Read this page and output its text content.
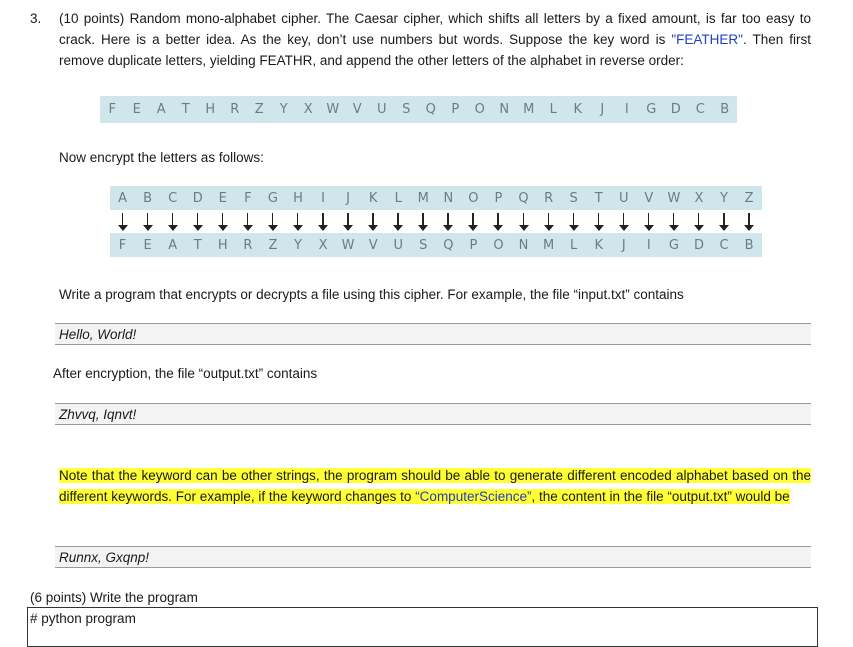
3. (10 points) Random mono-alphabet cipher. The Caesar cipher, which shifts all letters by a fixed amount, is far too easy to crack. Here is a better idea. As the key, don’t use numbers but words. Suppose the key word is "FEATHER". Then first remove duplicate letters, yielding FEATHR, and append the other letters of the alphabet in reverse order:
F	E	A	T	H	R	Z	Y	X	W	V	U	S	Q	P	O	N	M	L	K	J	I	G	D	C	B
Now encrypt the letters as follows:
A	B	C	D	E	F	G	H	I	J	K	L	M	N	O	P	Q	R	S	T	U	V	W	X	Y	Z
F	E	A	T	H	R	Z	Y	X	W	V	U	S	Q	P	O	N	M	L	K	J	I	G	D	C	B
Write a program that encrypts or decrypts a file using this cipher. For example, the file “input.txt” contains
Hello, World!
After encryption, the file “output.txt” contains
Zhvvq, Iqnvt!
Note that the keyword can be other strings, the program should be able to generate different encoded alphabet based on the different keywords. For example, if the keyword changes to “ComputerScience”, the content in the file “output.txt” would be
Runnx, Gxqnp!
(6 points) Write the program
# python program
